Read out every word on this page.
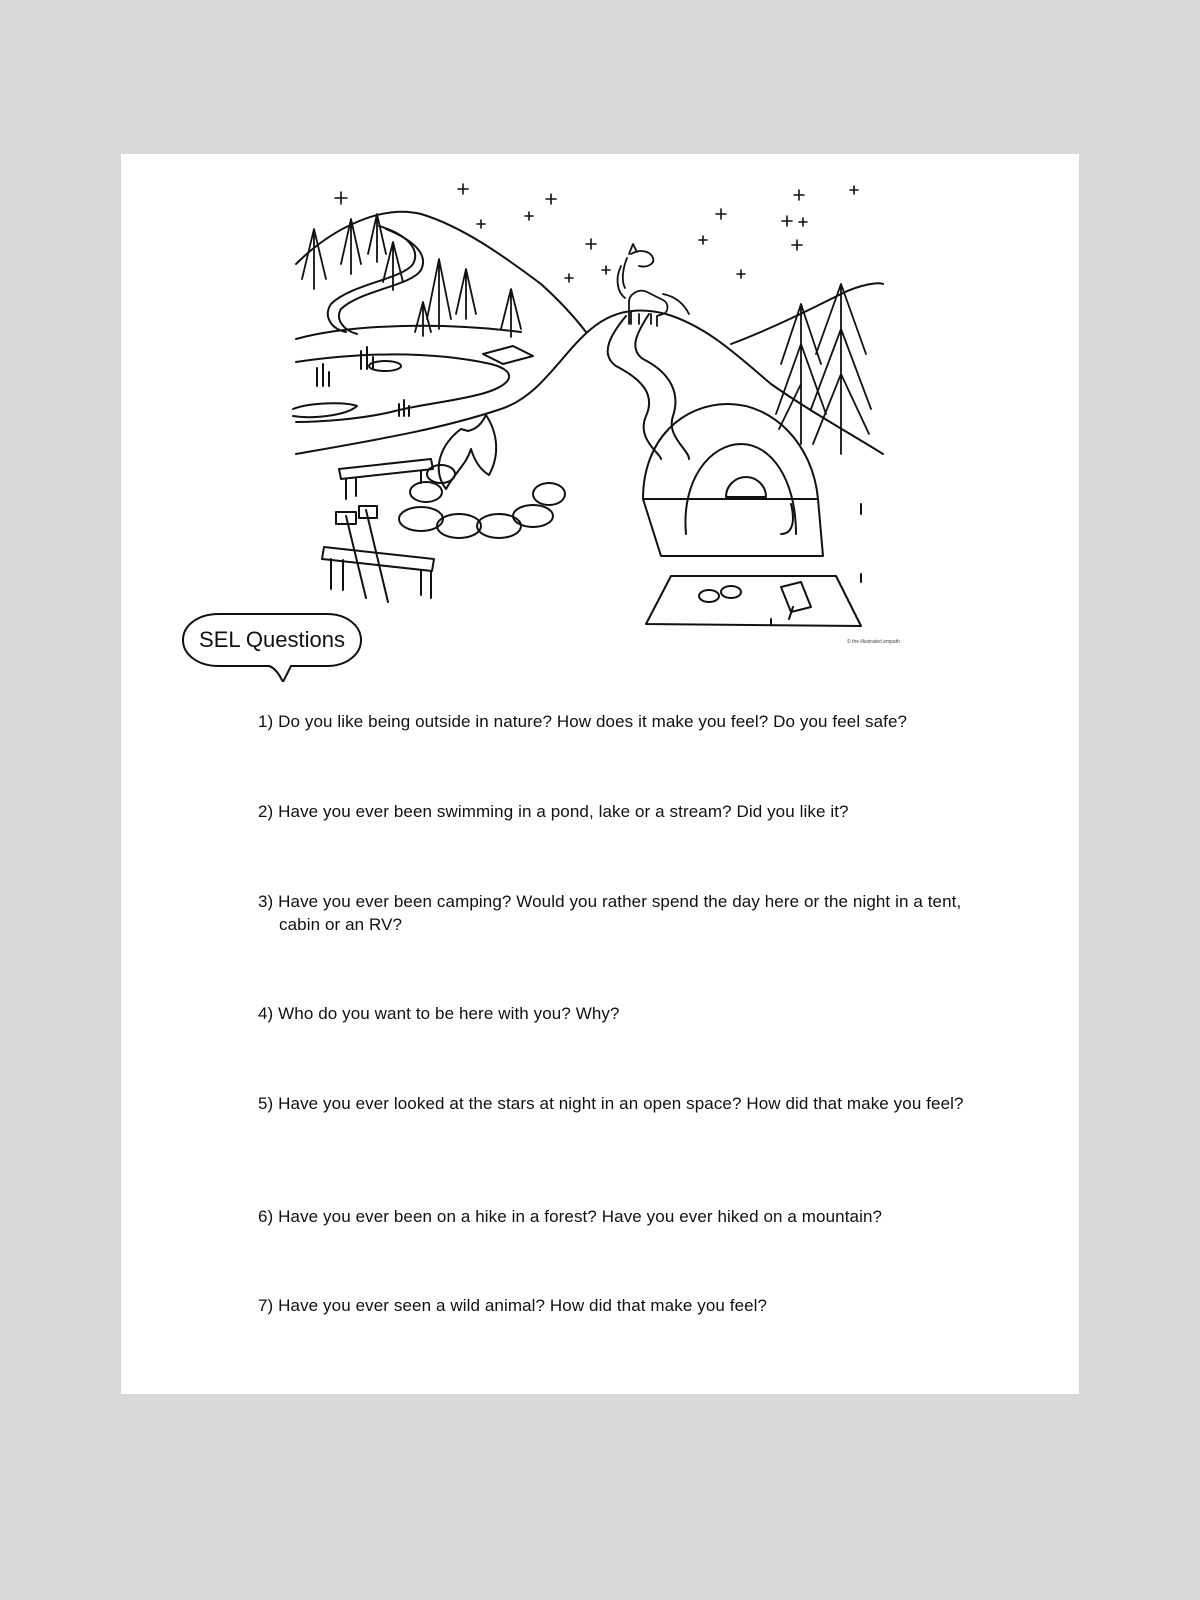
© the illustrated empath
SEL Questions
1) Do you like being outside in nature? How does it make you feel? Do you feel safe?
2) Have you ever been swimming in a pond, lake or a stream? Did you like it?
3) Have you ever been camping? Would you rather spend the day here or the night in a tent, cabin or an RV?
4) Who do you want to be here with you? Why?
5) Have you ever looked at the stars at night in an open space? How did that make you feel?
6) Have you ever been on a hike in a forest? Have you ever hiked on a mountain?
7) Have you ever seen a wild animal? How did that make you feel?
